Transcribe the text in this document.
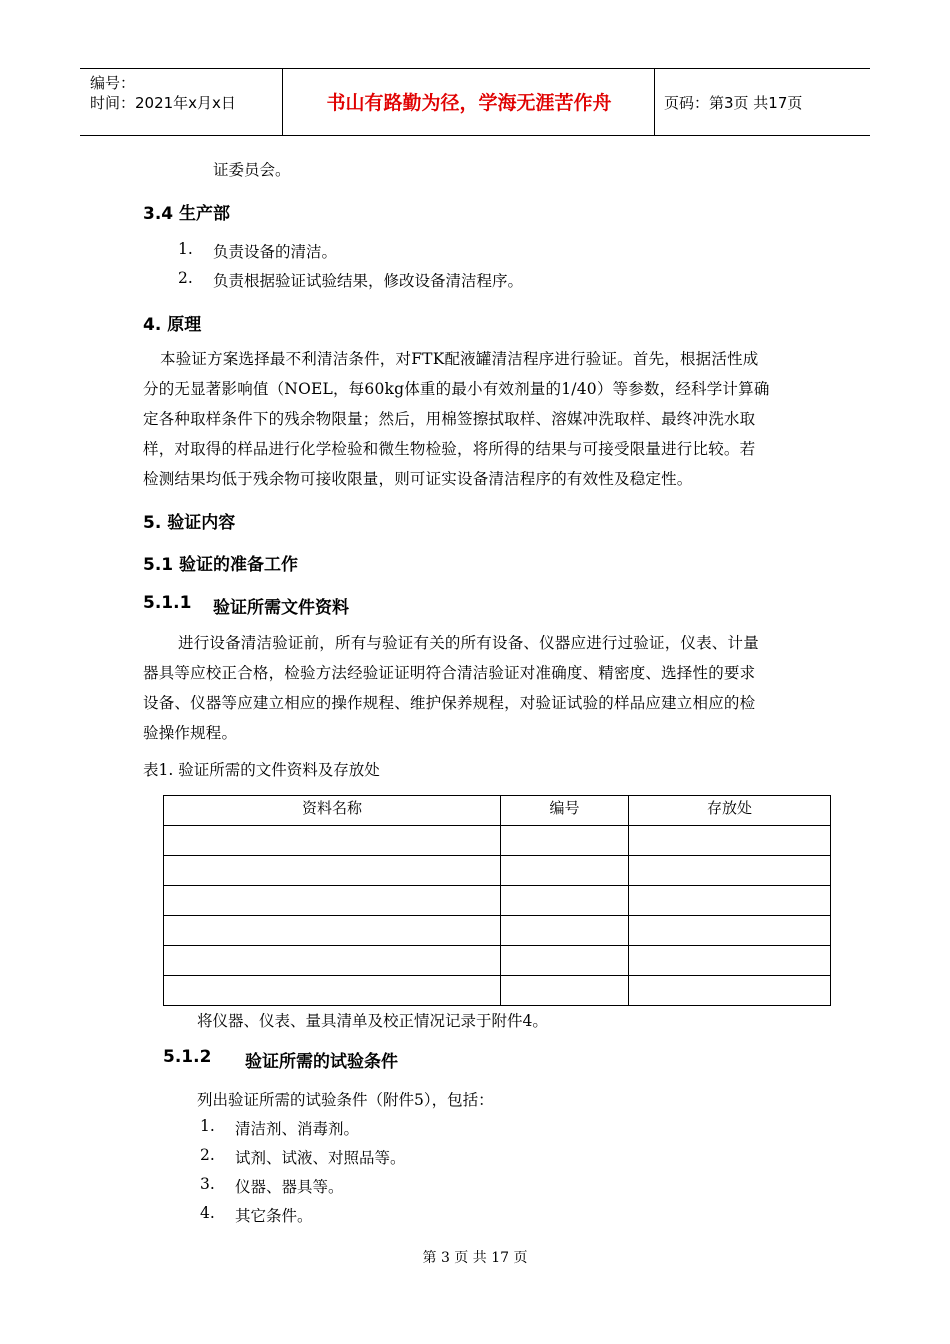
编号：
时间：2021年x月x日	书山有路勤为径，学海无涯苦作舟	页码：第3页 共17页
证委员会。
3.4 生产部
1. 负责设备的清洁。
2. 负责根据验证试验结果，修改设备清洁程序。
4. 原理
本验证方案选择最不利清洁条件，对FTK配液罐清洁程序进行验证。首先，根据活性成
分的无显著影响值（NOEL，每60kg体重的最小有效剂量的1/40）等参数，经科学计算确
定各种取样条件下的残余物限量；然后，用棉签擦拭取样、溶媒冲洗取样、最终冲洗水取
样，对取得的样品进行化学检验和微生物检验，将所得的结果与可接受限量进行比较。若
检测结果均低于残余物可接收限量，则可证实设备清洁程序的有效性及稳定性。
5. 验证内容
5.1 验证的准备工作
5.1.1 验证所需文件资料
进行设备清洁验证前，所有与验证有关的所有设备、仪器应进行过验证，仪表、计量
器具等应校正合格，检验方法经验证证明符合清洁验证对准确度、精密度、选择性的要求
设备、仪器等应建立相应的操作规程、维护保养规程，对验证试验的样品应建立相应的检
验操作规程。
表1. 验证所需的文件资料及存放处
资料名称	编号	存放处

将仪器、仪表、量具清单及校正情况记录于附件4。
5.1.2 验证所需的试验条件
列出验证所需的试验条件（附件5），包括：
1. 清洁剂、消毒剂。
2. 试剂、试液、对照品等。
3. 仪器、器具等。
4. 其它条件。
第 3 页 共 17 页
